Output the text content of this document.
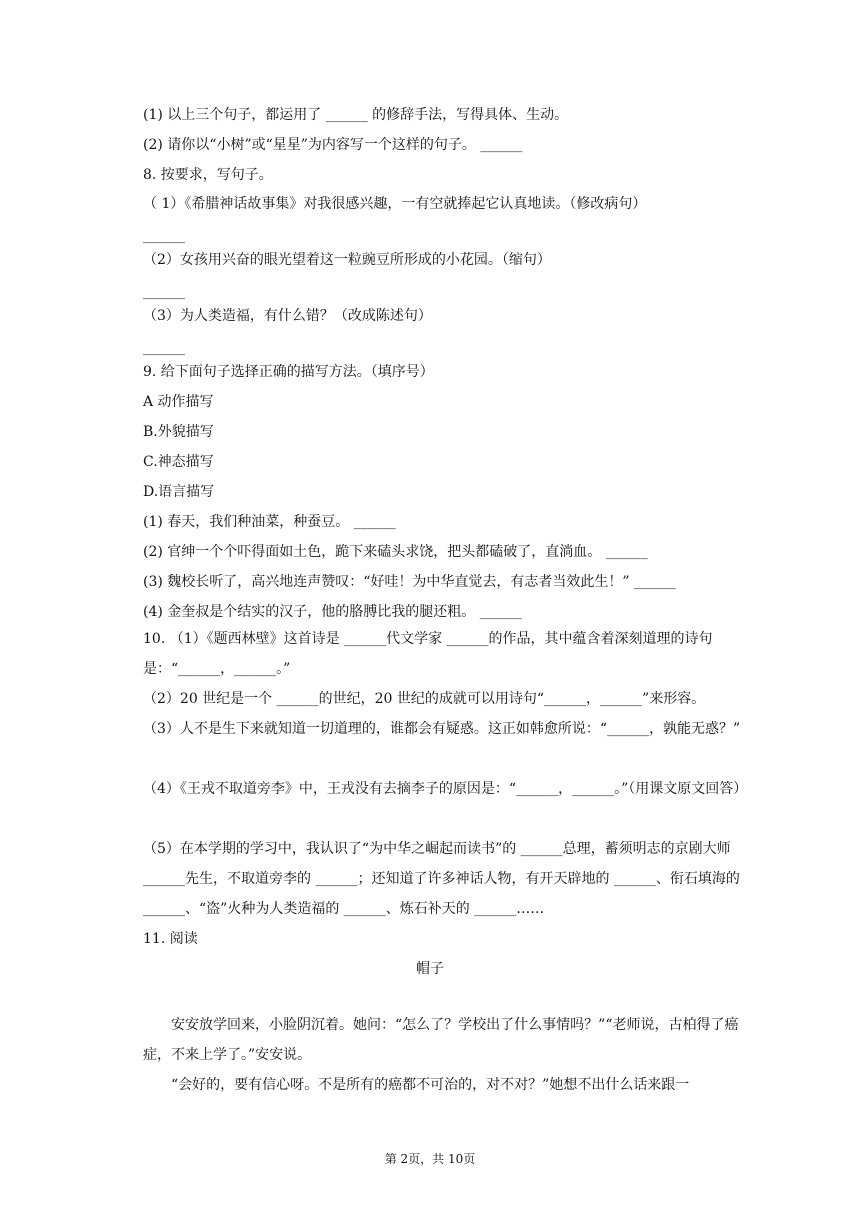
(1) 以上三个句子，都运用了 ______ 的修辞手法，写得具体、生动。
(2) 请你以“小树”或“星星”为内容写一个这样的句子。 ______
8. 按要求，写句子。
（ 1）《希腊神话故事集》对我很感兴趣，一有空就捧起它认真地读。（修改病句）
______
（2）女孩用兴奋的眼光望着这一粒豌豆所形成的小花园。（缩句）
______
（3）为人类造福，有什么错？（改成陈述句）
______
9. 给下面句子选择正确的描写方法。（填序号）
A 动作描写
B.外貌描写
C.神态描写
D.语言描写
(1) 春天，我们种油菜，种蚕豆。 ______
(2) 官绅一个个吓得面如土色，跪下来磕头求饶，把头都磕破了，直淌血。 ______
(3) 魏校长听了，高兴地连声赞叹：“好哇！为中华直觉去，有志者当效此生！” ______
(4) 金奎叔是个结实的汉子，他的胳膊比我的腿还粗。 ______
10. （1）《题西林壁》这首诗是 ______代文学家 ______的作品，其中蕴含着深刻道理的诗句是：“______，______。”
（2）20 世纪是一个 ______的世纪，20 世纪的成就可以用诗句“______，______”来形容。
（3）人不是生下来就知道一切道理的，谁都会有疑惑。这正如韩愈所说：“______，孰能无惑？”
（4）《王戎不取道旁李》中，王戎没有去摘李子的原因是：“______，______。”（用课文原文回答）
（5）在本学期的学习中，我认识了“为中华之崛起而读书”的 ______总理，蓄须明志的京剧大师 ______先生，不取道旁李的 ______；还知道了许多神话人物，有开天辟地的 ______、衔石填海的 ______、“盗”火种为人类造福的 ______、炼石补天的 ______……
11. 阅读
帽子
安安放学回来，小脸阴沉着。她问：“怎么了？学校出了什么事情吗？”“老师说，古柏得了癌症，不来上学了。”安安说。
“会好的，要有信心呀。不是所有的癌都不可治的，对不对？”她想不出什么话来跟一
第 2页，共 10页
